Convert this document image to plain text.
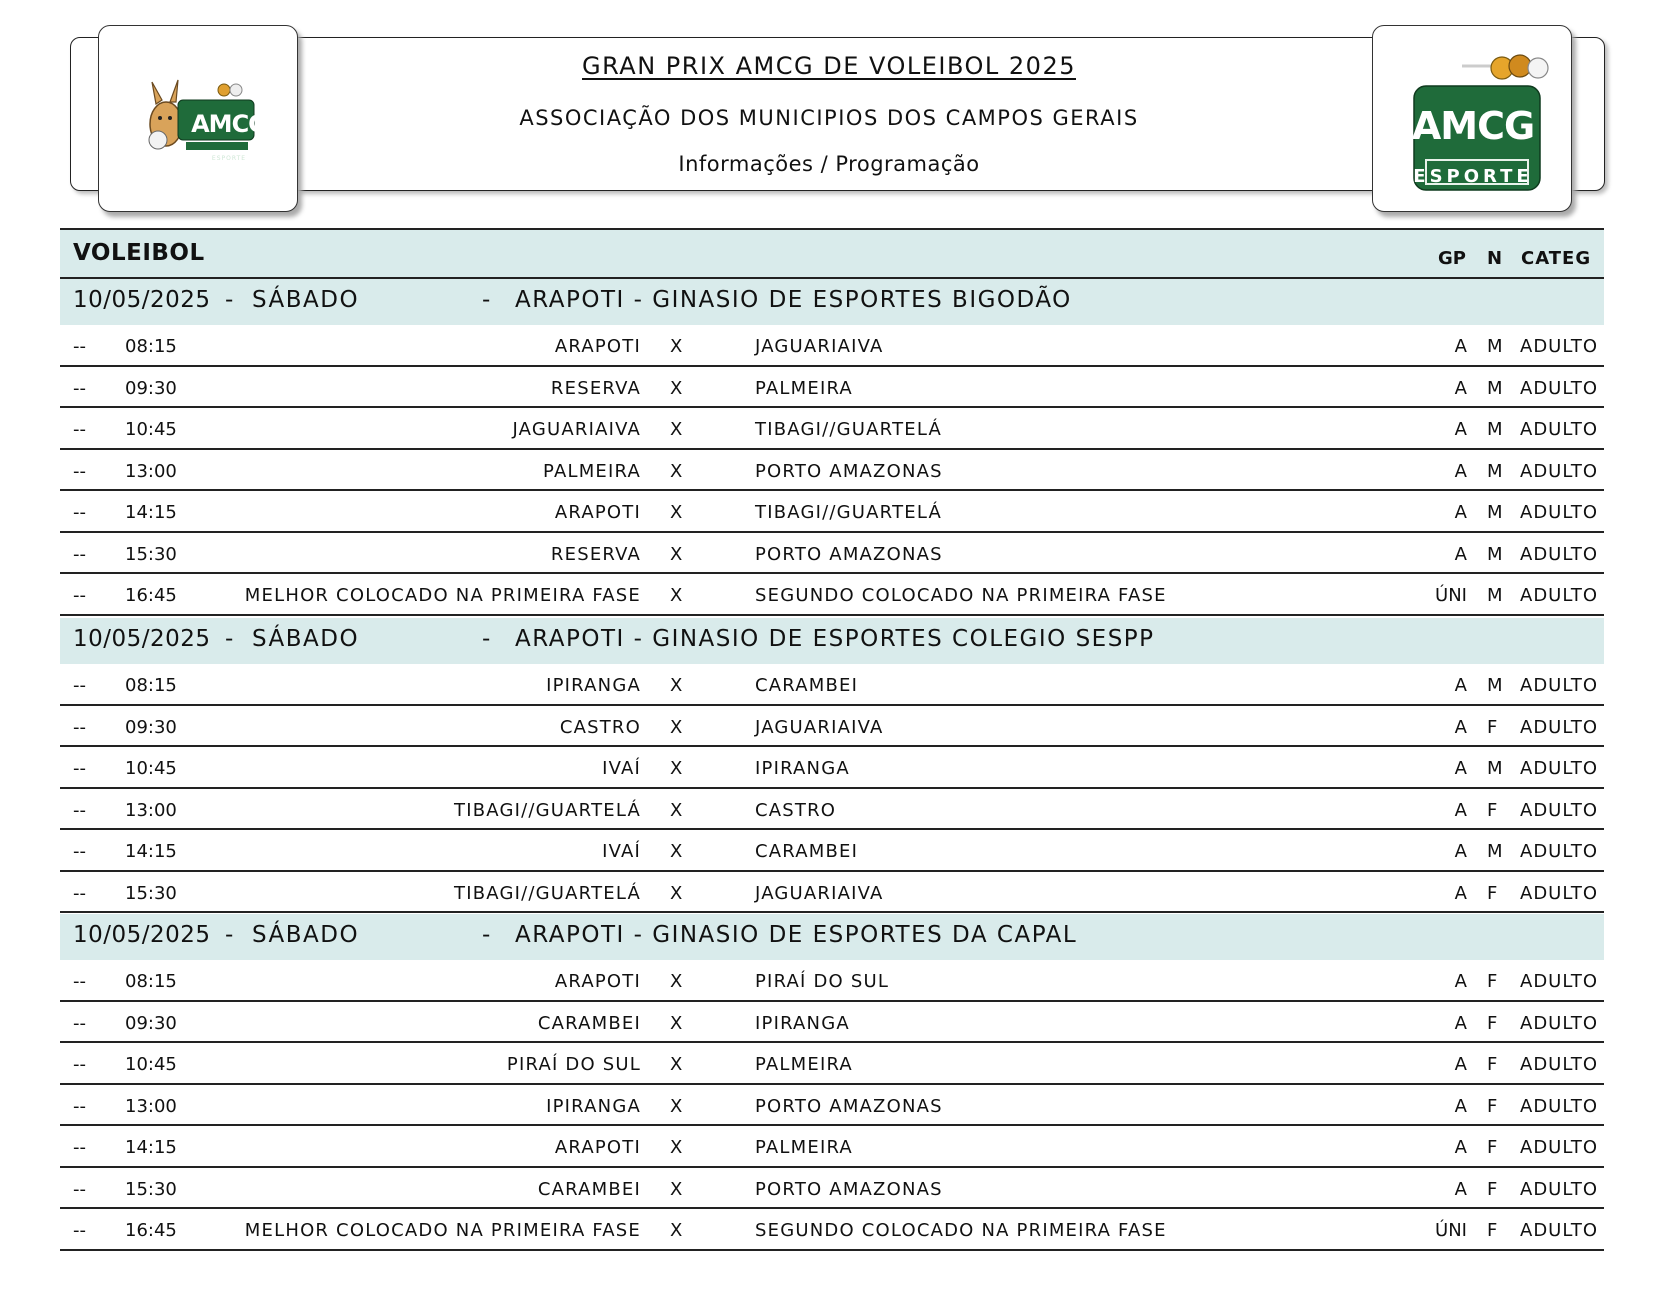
AMCG
ESPORTE
GRAN PRIX AMCG DE VOLEIBOL 2025
ASSOCIAÇÃO DOS MUNICIPIOS DOS CAMPOS GERAIS
Informações / Programação
AMCG
ESPORTE
VOLEIBOL	GP N CATEG
10/05/2025 - SÁBADO	- ARAPOTI - GINASIO DE ESPORTES BIGODÃO
-- 08:15	ARAPOTI X	JAGUARIAIVA	A M ADULTO
-- 09:30	RESERVA X	PALMEIRA	A M ADULTO
-- 10:45	JAGUARIAIVA X	TIBAGI//GUARTELÁ	A M ADULTO
-- 13:00	PALMEIRA X	PORTO AMAZONAS	A M ADULTO
-- 14:15	ARAPOTI X	TIBAGI//GUARTELÁ	A M ADULTO
-- 15:30	RESERVA X	PORTO AMAZONAS	A M ADULTO
-- 16:45	MELHOR COLOCADO NA PRIMEIRA FASE X	SEGUNDO COLOCADO NA PRIMEIRA FASE	ÚNI M ADULTO
10/05/2025 - SÁBADO	- ARAPOTI - GINASIO DE ESPORTES COLEGIO SESPP
-- 08:15	IPIRANGA X	CARAMBEI	A M ADULTO
-- 09:30	CASTRO X	JAGUARIAIVA	A F ADULTO
-- 10:45	IVAÍ X	IPIRANGA	A M ADULTO
-- 13:00	TIBAGI//GUARTELÁ X	CASTRO	A F ADULTO
-- 14:15	IVAÍ X	CARAMBEI	A M ADULTO
-- 15:30	TIBAGI//GUARTELÁ X	JAGUARIAIVA	A F ADULTO
10/05/2025 - SÁBADO	- ARAPOTI - GINASIO DE ESPORTES DA CAPAL
-- 08:15	ARAPOTI X	PIRAÍ DO SUL	A F ADULTO
-- 09:30	CARAMBEI X	IPIRANGA	A F ADULTO
-- 10:45	PIRAÍ DO SUL X	PALMEIRA	A F ADULTO
-- 13:00	IPIRANGA X	PORTO AMAZONAS	A F ADULTO
-- 14:15	ARAPOTI X	PALMEIRA	A F ADULTO
-- 15:30	CARAMBEI X	PORTO AMAZONAS	A F ADULTO
-- 16:45	MELHOR COLOCADO NA PRIMEIRA FASE X	SEGUNDO COLOCADO NA PRIMEIRA FASE	ÚNI F ADULTO
